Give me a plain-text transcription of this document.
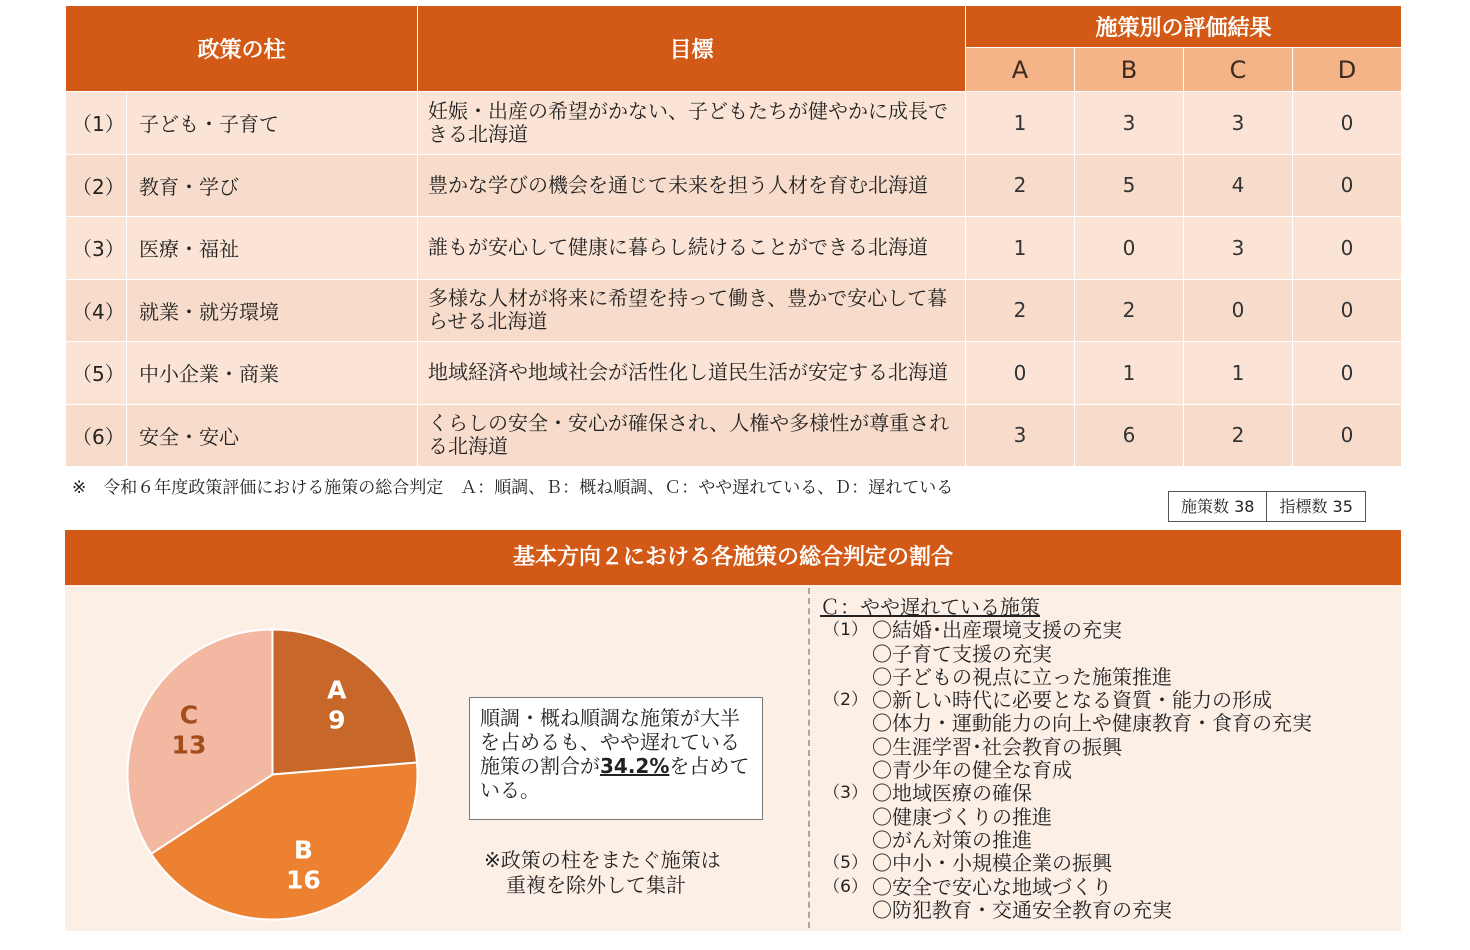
政策の柱		目標	施策別の評価結果			
			A	B	C	D
（1）	子ども・子育て	妊娠・出産の希望がかない、子どもたちが健やかに成長できる北海道	1	3	3	0
（2）	教育・学び	豊かな学びの機会を通じて未来を担う人材を育む北海道	2	5	4	0
（3）	医療・福祉	誰もが安心して健康に暮らし続けることができる北海道	1	0	3	0
（4）	就業・就労環境	多様な人材が将来に希望を持って働き、豊かで安心して暮らせる北海道	2	2	0	0
（5）	中小企業・商業	地域経済や地域社会が活性化し道民生活が安定する北海道	0	1	1	0
（6）	安全・安心	くらしの安全・安心が確保され、人権や多様性が尊重される北海道	3	6	2	0
※　令和６年度政策評価における施策の総合判定　Ａ：順調、Ｂ：概ね順調、Ｃ：やや遅れている、Ｄ：遅れている
施策数 38	指標数 35
基本方向２における各施策の総合判定の割合
A
9
B
16
C
13
順調・概ね順調な施策が大半を占めるも、やや遅れている施策の割合が34.2%を占めている。
※政策の柱をまたぐ施策は
重複を除外して集計
Ｃ：やや遅れている施策
（1） 〇結婚･出産環境支援の充実
〇子育て支援の充実
〇子どもの視点に立った施策推進
（2） 〇新しい時代に必要となる資質・能力の形成
〇体力・運動能力の向上や健康教育・食育の充実
〇生涯学習･社会教育の振興
〇青少年の健全な育成
（3） 〇地域医療の確保
〇健康づくりの推進
〇がん対策の推進
（5） 〇中小・小規模企業の振興
（6） 〇安全で安心な地域づくり
〇防犯教育・交通安全教育の充実
